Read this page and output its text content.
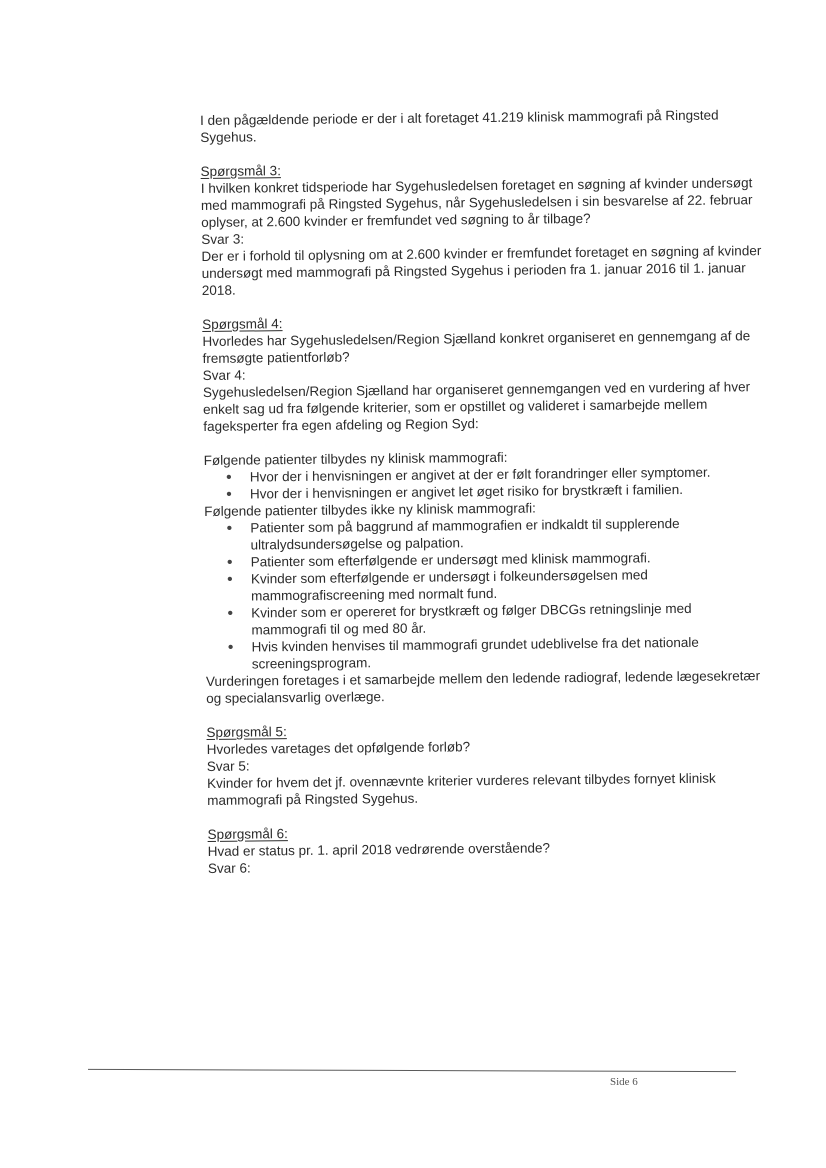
I den pågældende periode er der i alt foretaget 41.219 klinisk mammografi på Ringsted Sygehus.

Spørgsmål 3:

I hvilken konkret tidsperiode har Sygehusledelsen foretaget en søgning af kvinder undersøgt med mammografi på Ringsted Sygehus, når Sygehusledelsen i sin besvarelse af 22. februar oplyser, at 2.600 kvinder er fremfundet ved søgning to år tilbage?

Svar 3:

Der er i forhold til oplysning om at 2.600 kvinder er fremfundet foretaget en søgning af kvinder undersøgt med mammografi på Ringsted Sygehus i perioden fra 1. januar 2016 til 1. januar 2018.

Spørgsmål 4:

Hvorledes har Sygehusledelsen/Region Sjælland konkret organiseret en gennemgang af de fremsøgte patientforløb?

Svar 4:

Sygehusledelsen/Region Sjælland har organiseret gennemgangen ved en vurdering af hver enkelt sag ud fra følgende kriterier, som er opstillet og valideret i samarbejde mellem fageksperter fra egen afdeling og Region Syd:

Følgende patienter tilbydes ny klinisk mammografi:

● Hvor der i henvisningen er angivet at der er følt forandringer eller symptomer.
● Hvor der i henvisningen er angivet let øget risiko for brystkræft i familien.

Følgende patienter tilbydes ikke ny klinisk mammografi:

● Patienter som på baggrund af mammografien er indkaldt til supplerende ultralydsundersøgelse og palpation.
● Patienter som efterfølgende er undersøgt med klinisk mammografi.
● Kvinder som efterfølgende er undersøgt i folkeundersøgelsen med mammografiscreening med normalt fund.
● Kvinder som er opereret for brystkræft og følger DBCGs retningslinje med mammografi til og med 80 år.
● Hvis kvinden henvises til mammografi grundet udeblivelse fra det nationale screeningsprogram.

Vurderingen foretages i et samarbejde mellem den ledende radiograf, ledende lægesekretær og specialansvarlig overlæge.

Spørgsmål 5:

Hvorledes varetages det opfølgende forløb?

Svar 5:

Kvinder for hvem det jf. ovennævnte kriterier vurderes relevant tilbydes fornyet klinisk mammografi på Ringsted Sygehus.

Spørgsmål 6:

Hvad er status pr. 1. april 2018 vedrørende overstående?

Svar 6:

Side 6
